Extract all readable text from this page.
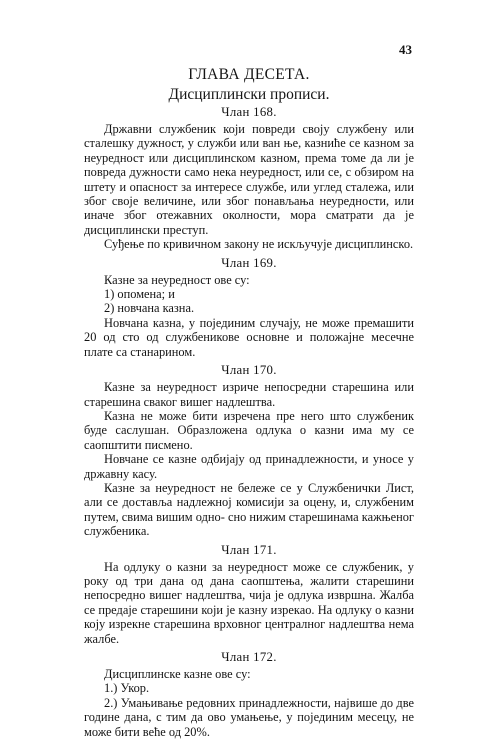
43
ГЛАВА ДЕСЕТА.
Дисциплински прописи.
Члан 168.

Државни службеник који повреди своју службену или сталешку дужност, у служби или ван ње, казниће се казном за неуредност или дисциплинском казном, према томе да ли је повреда дужности само нека неуредност, или се, с обзиром на штету и опасност за интересе службе, или углед сталежа, или због своје величине, или због понављања неуредности, или иначе због отежавних околности, мора сматрати да је дисциплински преступ.

Суђење по кривичном закону не искључује дисциплинско.

Члан 169.

Казне за неуредност ове су:

1) опомена; и

2) новчана казна.

Новчана казна, у појединим случају, не може премашити 20 од сто од службеникове основне и положајне месечне плате са станарином.

Члан 170.

Казне за неуредност изриче непосредни старешина или старешина сваког вишег надлештва.

Казна не може бити изречена пре него што службеник буде саслушан. Образложена одлука о казни има му се саопштити писмено.

Новчане се казне одбијају од принадлежности, и уносе у државну касу.

Казне за неуредност не бележе се у Службенички Лист, али се доставља надлежној комисији за оцену, и, службеним путем, свима вишим одно- сно нижим старешинама кажњеног службеника.

Члан 171.

На одлуку о казни за неуредност може се службеник, у року од три дана од дана саопштења, жалити старешини непосредно вишег надлештва, чија је одлука извршна. Жалба се предаје старешини који је казну изрекао. На одлуку о казни коју изрекне старешина врховног централног надлештва нема жалбе.

Члан 172.

Дисциплинске казне ове су:

1.) Укор.

2.) Умањивање редовних принадлежности, највише до две године дана, с тим да ово умањење, у појединим месецу, не може бити веће од 20%.
